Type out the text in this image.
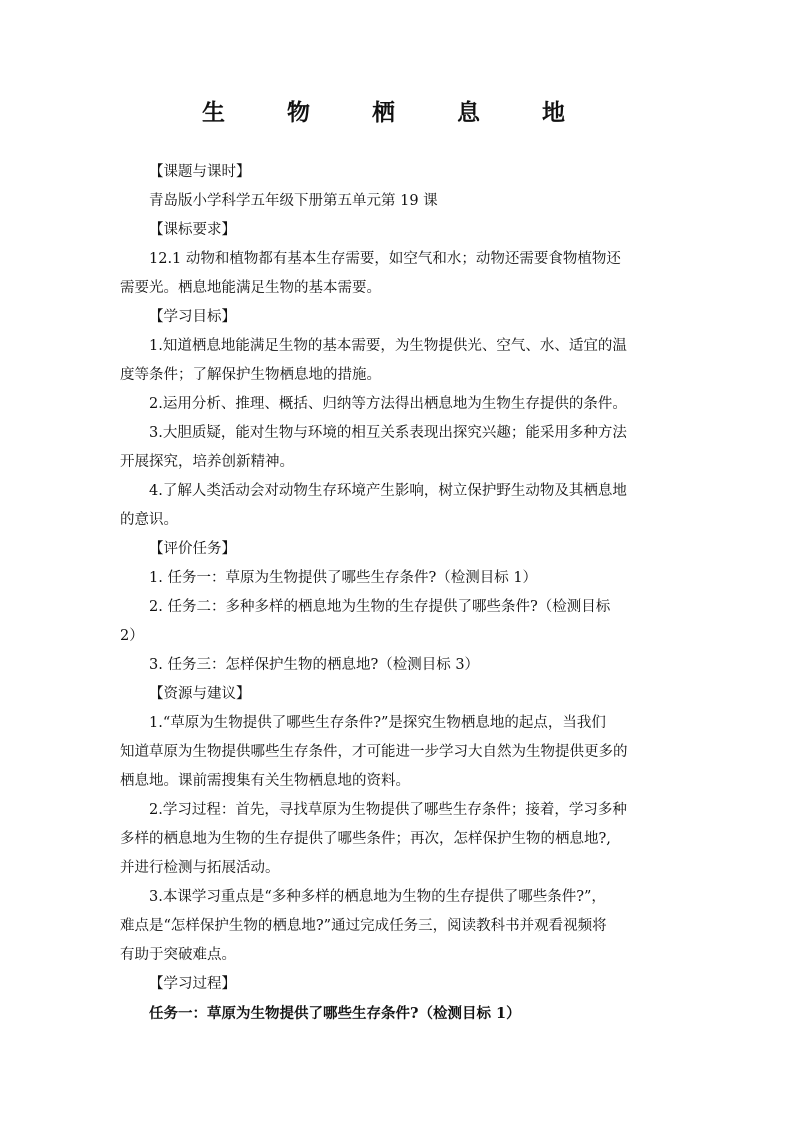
生 物 栖 息 地
【课题与课时】
青岛版小学科学五年级下册第五单元第 19 课
【课标要求】
12.1 动物和植物都有基本生存需要，如空气和水；动物还需要食物植物还
需要光。栖息地能满足生物的基本需要。
【学习目标】
1.知道栖息地能满足生物的基本需要，为生物提供光、空气、水、适宜的温
度等条件；了解保护生物栖息地的措施。
2.运用分析、推理、概括、归纳等方法得出栖息地为生物生存提供的条件。
3.大胆质疑，能对生物与环境的相互关系表现出探究兴趣；能采用多种方法
开展探究，培养创新精神。
4.了解人类活动会对动物生存环境产生影响，树立保护野生动物及其栖息地
的意识。
【评价任务】
1. 任务一：草原为生物提供了哪些生存条件?（检测目标 1）
2. 任务二：多种多样的栖息地为生物的生存提供了哪些条件?（检测目标
2）
3. 任务三：怎样保护生物的栖息地?（检测目标 3）
【资源与建议】
1.“草原为生物提供了哪些生存条件?”是探究生物栖息地的起点，当我们
知道草原为生物提供哪些生存条件，才可能进一步学习大自然为生物提供更多的
栖息地。课前需搜集有关生物栖息地的资料。
2.学习过程：首先，寻找草原为生物提供了哪些生存条件；接着，学习多种
多样的栖息地为生物的生存提供了哪些条件；再次，怎样保护生物的栖息地?,
并进行检测与拓展活动。
3.本课学习重点是“多种多样的栖息地为生物的生存提供了哪些条件?”，
难点是“怎样保护生物的栖息地?”通过完成任务三，阅读教科书并观看视频将
有助于突破难点。
【学习过程】
任务一：草原为生物提供了哪些生存条件?（检测目标 1）
